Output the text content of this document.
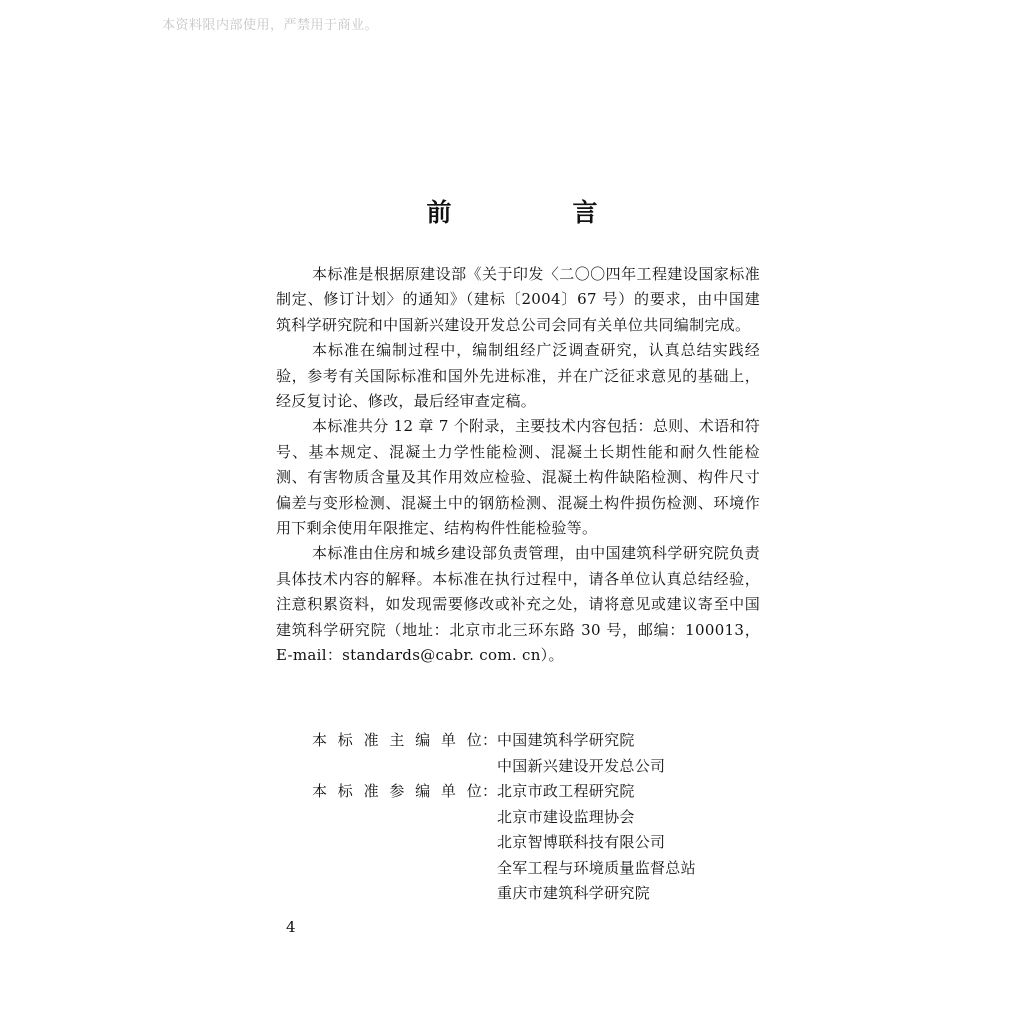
本资料限内部使用，严禁用于商业。
前　言

本标准是根据原建设部《关于印发〈二〇〇四年工程建设国家标准制定、修订计划〉的通知》（建标〔2004〕67 号）的要求，由中国建筑科学研究院和中国新兴建设开发总公司会同有关单位共同编制完成。

本标准在编制过程中，编制组经广泛调查研究，认真总结实践经验，参考有关国际标准和国外先进标准，并在广泛征求意见的基础上，经反复讨论、修改，最后经审查定稿。

本标准共分 12 章 7 个附录，主要技术内容包括：总则、术语和符号、基本规定、混凝土力学性能检测、混凝土长期性能和耐久性能检测、有害物质含量及其作用效应检验、混凝土构件缺陷检测、构件尺寸偏差与变形检测、混凝土中的钢筋检测、混凝土构件损伤检测、环境作用下剩余使用年限推定、结构构件性能检验等。

本标准由住房和城乡建设部负责管理，由中国建筑科学研究院负责具体技术内容的解释。本标准在执行过程中，请各单位认真总结经验，注意积累资料，如发现需要修改或补充之处，请将意见或建议寄至中国建筑科学研究院（地址：北京市北三环东路 30 号，邮编：100013，E-mail：standards@cabr. com. cn）。

本标准主编单位 ： 中国建筑科学研究院
中国新兴建设开发总公司
本标准参编单位 ： 北京市政工程研究院
北京市建设监理协会
北京智博联科技有限公司
全军工程与环境质量监督总站
重庆市建筑科学研究院
4
